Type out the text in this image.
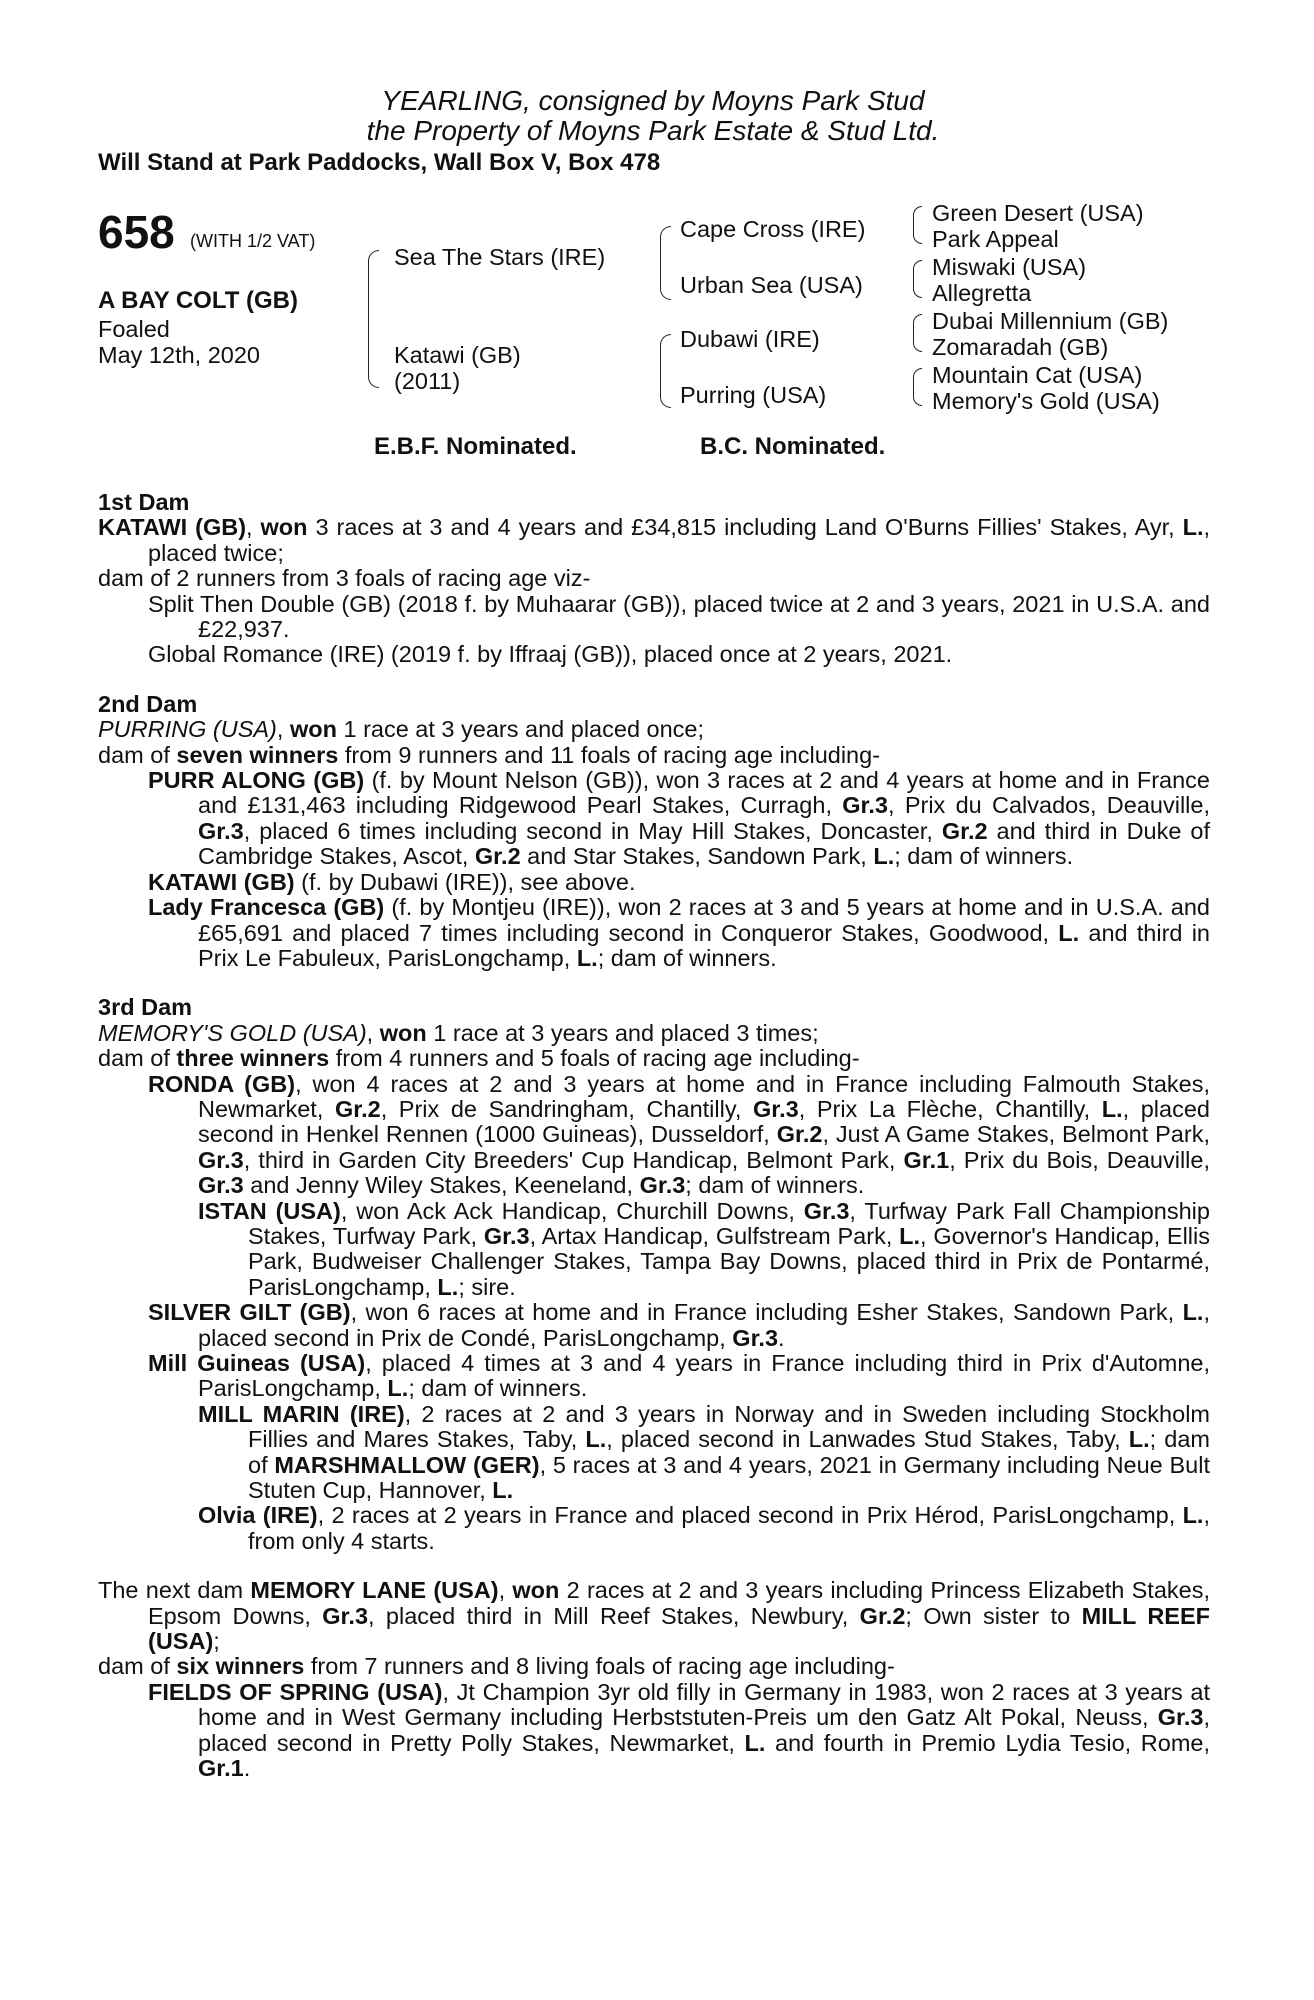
YEARLING, consigned by Moyns Park Stud
the Property of Moyns Park Estate & Stud Ltd.
Will Stand at Park Paddocks, Wall Box V, Box 478
658 (WITH 1/2 VAT)
A BAY COLT (GB)
Foaled
May 12th, 2020
Sea The Stars (IRE)
Katawi (GB)
(2011)
Cape Cross (IRE)
Urban Sea (USA)
Dubawi (IRE)
Purring (USA)
Green Desert (USA)
Park Appeal
Miswaki (USA)
Allegretta
Dubai Millennium (GB)
Zomaradah (GB)
Mountain Cat (USA)
Memory's Gold (USA)
E.B.F. Nominated.	B.C. Nominated.
1st Dam
KATAWI (GB), won 3 races at 3 and 4 years and £34,815 including Land O'Burns Fillies' Stakes, Ayr, L., placed twice;
dam of 2 runners from 3 foals of racing age viz-
Split Then Double (GB) (2018 f. by Muhaarar (GB)), placed twice at 2 and 3 years, 2021 in U.S.A. and £22,937.
Global Romance (IRE) (2019 f. by Iffraaj (GB)), placed once at 2 years, 2021.
2nd Dam
PURRING (USA), won 1 race at 3 years and placed once;
dam of seven winners from 9 runners and 11 foals of racing age including-
PURR ALONG (GB) (f. by Mount Nelson (GB)), won 3 races at 2 and 4 years at home and in France and £131,463 including Ridgewood Pearl Stakes, Curragh, Gr.3, Prix du Calvados, Deauville, Gr.3, placed 6 times including second in May Hill Stakes, Doncaster, Gr.2 and third in Duke of Cambridge Stakes, Ascot, Gr.2 and Star Stakes, Sandown Park, L.; dam of winners.
KATAWI (GB) (f. by Dubawi (IRE)), see above.
Lady Francesca (GB) (f. by Montjeu (IRE)), won 2 races at 3 and 5 years at home and in U.S.A. and £65,691 and placed 7 times including second in Conqueror Stakes, Goodwood, L. and third in Prix Le Fabuleux, ParisLongchamp, L.; dam of winners.
3rd Dam
MEMORY'S GOLD (USA), won 1 race at 3 years and placed 3 times;
dam of three winners from 4 runners and 5 foals of racing age including-
RONDA (GB), won 4 races at 2 and 3 years at home and in France including Falmouth Stakes, Newmarket, Gr.2, Prix de Sandringham, Chantilly, Gr.3, Prix La Flèche, Chantilly, L., placed second in Henkel Rennen (1000 Guineas), Dusseldorf, Gr.2, Just A Game Stakes, Belmont Park, Gr.3, third in Garden City Breeders' Cup Handicap, Belmont Park, Gr.1, Prix du Bois, Deauville, Gr.3 and Jenny Wiley Stakes, Keeneland, Gr.3; dam of winners.
ISTAN (USA), won Ack Ack Handicap, Churchill Downs, Gr.3, Turfway Park Fall Championship Stakes, Turfway Park, Gr.3, Artax Handicap, Gulfstream Park, L., Governor's Handicap, Ellis Park, Budweiser Challenger Stakes, Tampa Bay Downs, placed third in Prix de Pontarmé, ParisLongchamp, L.; sire.
SILVER GILT (GB), won 6 races at home and in France including Esher Stakes, Sandown Park, L., placed second in Prix de Condé, ParisLongchamp, Gr.3.
Mill Guineas (USA), placed 4 times at 3 and 4 years in France including third in Prix d'Automne, ParisLongchamp, L.; dam of winners.
MILL MARIN (IRE), 2 races at 2 and 3 years in Norway and in Sweden including Stockholm Fillies and Mares Stakes, Taby, L., placed second in Lanwades Stud Stakes, Taby, L.; dam of MARSHMALLOW (GER), 5 races at 3 and 4 years, 2021 in Germany including Neue Bult Stuten Cup, Hannover, L.
Olvia (IRE), 2 races at 2 years in France and placed second in Prix Hérod, ParisLongchamp, L., from only 4 starts.
The next dam MEMORY LANE (USA), won 2 races at 2 and 3 years including Princess Elizabeth Stakes, Epsom Downs, Gr.3, placed third in Mill Reef Stakes, Newbury, Gr.2; Own sister to MILL REEF (USA);
dam of six winners from 7 runners and 8 living foals of racing age including-
FIELDS OF SPRING (USA), Jt Champion 3yr old filly in Germany in 1983, won 2 races at 3 years at home and in West Germany including Herbststuten-Preis um den Gatz Alt Pokal, Neuss, Gr.3, placed second in Pretty Polly Stakes, Newmarket, L. and fourth in Premio Lydia Tesio, Rome, Gr.1.
